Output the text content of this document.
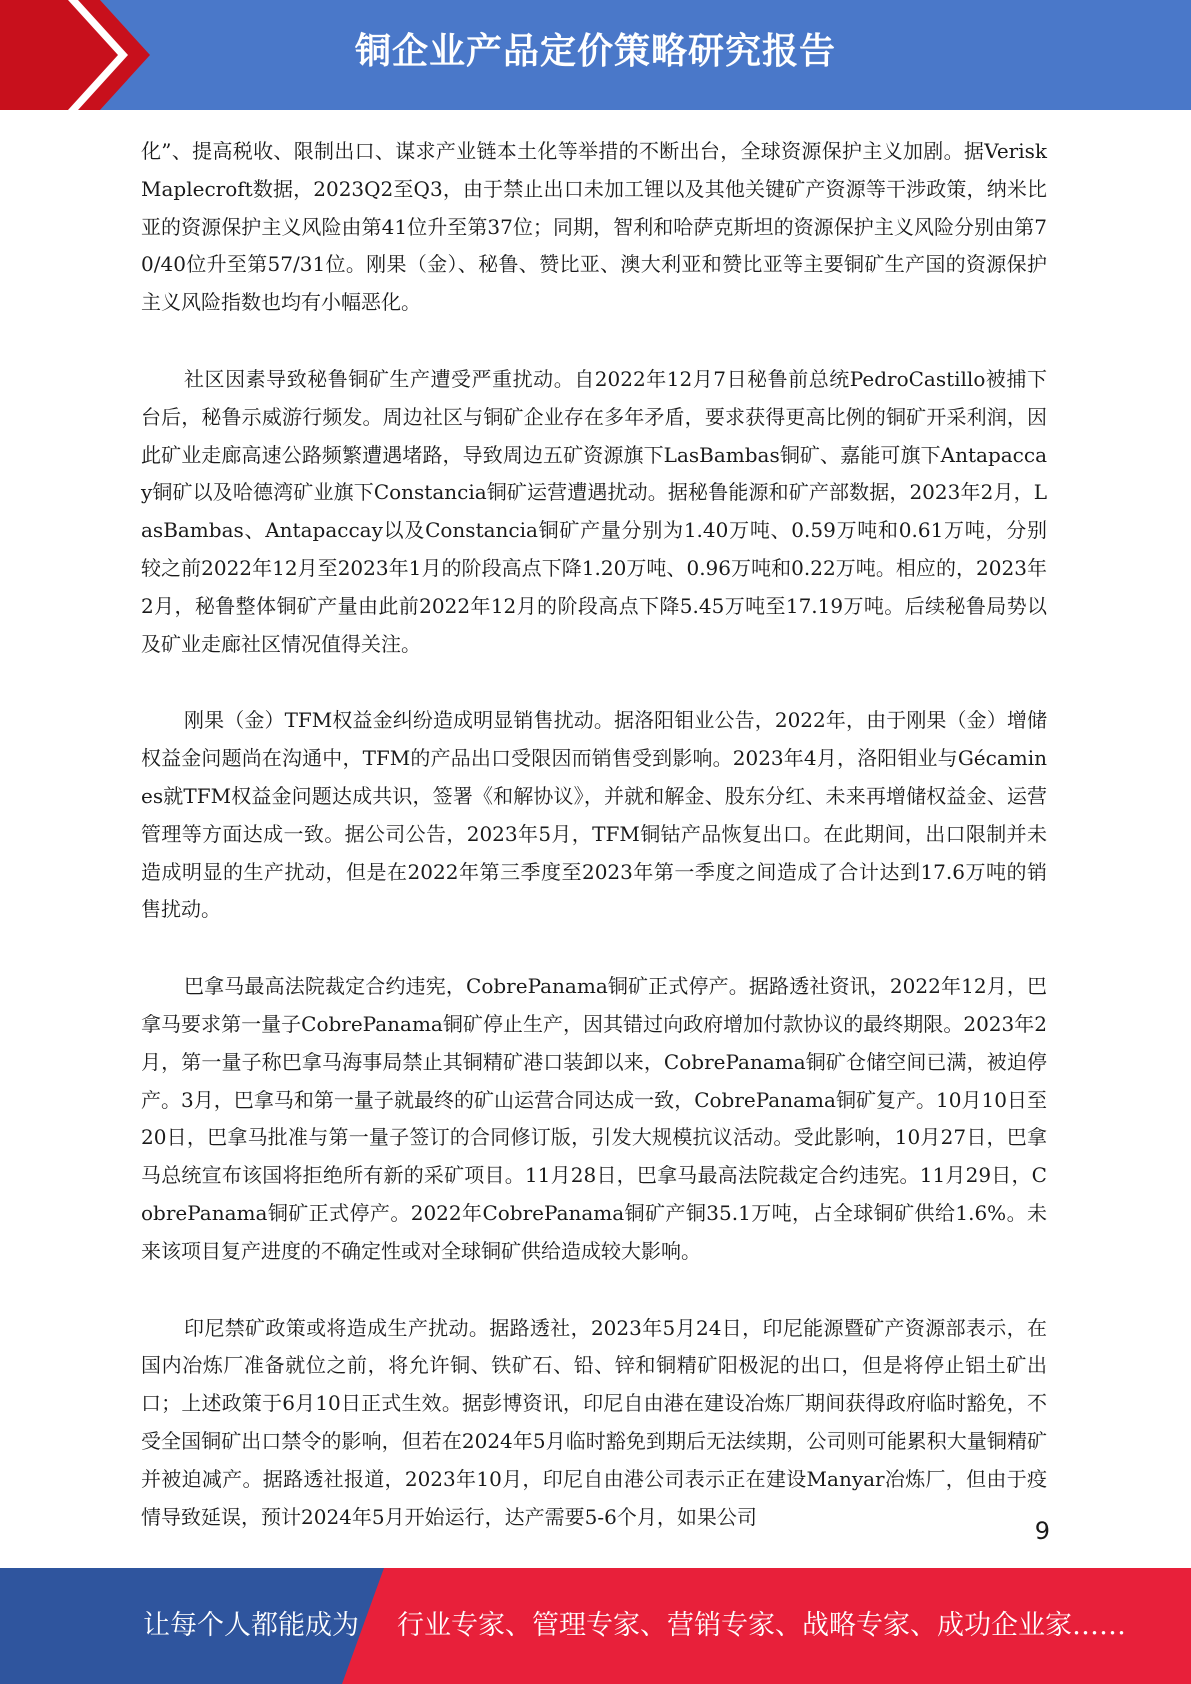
铜企业产品定价策略研究报告

化”、提高税收、限制出口、谋求产业链本土化等举措的不断出台，全球资源保护主义加剧。据VeriskMaplecroft数据，2023Q2至Q3，由于禁止出口未加工锂以及其他关键矿产资源等干涉政策，纳米比亚的资源保护主义风险由第41位升至第37位；同期，智利和哈萨克斯坦的资源保护主义风险分别由第70/40位升至第57/31位。刚果（金）、秘鲁、赞比亚、澳大利亚和赞比亚等主要铜矿生产国的资源保护主义风险指数也均有小幅恶化。

社区因素导致秘鲁铜矿生产遭受严重扰动。自2022年12月7日秘鲁前总统PedroCastillo被捕下台后，秘鲁示威游行频发。周边社区与铜矿企业存在多年矛盾，要求获得更高比例的铜矿开采利润，因此矿业走廊高速公路频繁遭遇堵路，导致周边五矿资源旗下LasBambas铜矿、嘉能可旗下Antapaccay铜矿以及哈德湾矿业旗下Constancia铜矿运营遭遇扰动。据秘鲁能源和矿产部数据，2023年2月，LasBambas、Antapaccay以及Constancia铜矿产量分别为1.40万吨、0.59万吨和0.61万吨，分别较之前2022年12月至2023年1月的阶段高点下降1.20万吨、0.96万吨和0.22万吨。相应的，2023年2月，秘鲁整体铜矿产量由此前2022年12月的阶段高点下降5.45万吨至17.19万吨。后续秘鲁局势以及矿业走廊社区情况值得关注。

刚果（金）TFM权益金纠纷造成明显销售扰动。据洛阳钼业公告，2022年，由于刚果（金）增储权益金问题尚在沟通中，TFM的产品出口受限因而销售受到影响。2023年4月，洛阳钼业与Gécamines就TFM权益金问题达成共识，签署《和解协议》，并就和解金、股东分红、未来再增储权益金、运营管理等方面达成一致。据公司公告，2023年5月，TFM铜钴产品恢复出口。在此期间，出口限制并未造成明显的生产扰动，但是在2022年第三季度至2023年第一季度之间造成了合计达到17.6万吨的销售扰动。

巴拿马最高法院裁定合约违宪，CobrePanama铜矿正式停产。据路透社资讯，2022年12月，巴拿马要求第一量子CobrePanama铜矿停止生产，因其错过向政府增加付款协议的最终期限。2023年2月，第一量子称巴拿马海事局禁止其铜精矿港口装卸以来，CobrePanama铜矿仓储空间已满，被迫停产。3月，巴拿马和第一量子就最终的矿山运营合同达成一致，CobrePanama铜矿复产。10月10日至20日，巴拿马批准与第一量子签订的合同修订版，引发大规模抗议活动。受此影响，10月27日，巴拿马总统宣布该国将拒绝所有新的采矿项目。11月28日，巴拿马最高法院裁定合约违宪。11月29日，CobrePanama铜矿正式停产。2022年CobrePanama铜矿产铜35.1万吨，占全球铜矿供给1.6%。未来该项目复产进度的不确定性或对全球铜矿供给造成较大影响。

印尼禁矿政策或将造成生产扰动。据路透社，2023年5月24日，印尼能源暨矿产资源部表示，在国内冶炼厂准备就位之前，将允许铜、铁矿石、铅、锌和铜精矿阳极泥的出口，但是将停止铝土矿出口；上述政策于6月10日正式生效。据彭博资讯，印尼自由港在建设冶炼厂期间获得政府临时豁免，不受全国铜矿出口禁令的影响，但若在2024年5月临时豁免到期后无法续期，公司则可能累积大量铜精矿并被迫减产。据路透社报道，2023年10月，印尼自由港公司表示正在建设Manyar冶炼厂，但由于疫情导致延误，预计2024年5月开始运行，达产需要5-6个月，如果公司

9
让每个人都能成为 行业专家、管理专家、营销专家、战略专家、成功企业家……
